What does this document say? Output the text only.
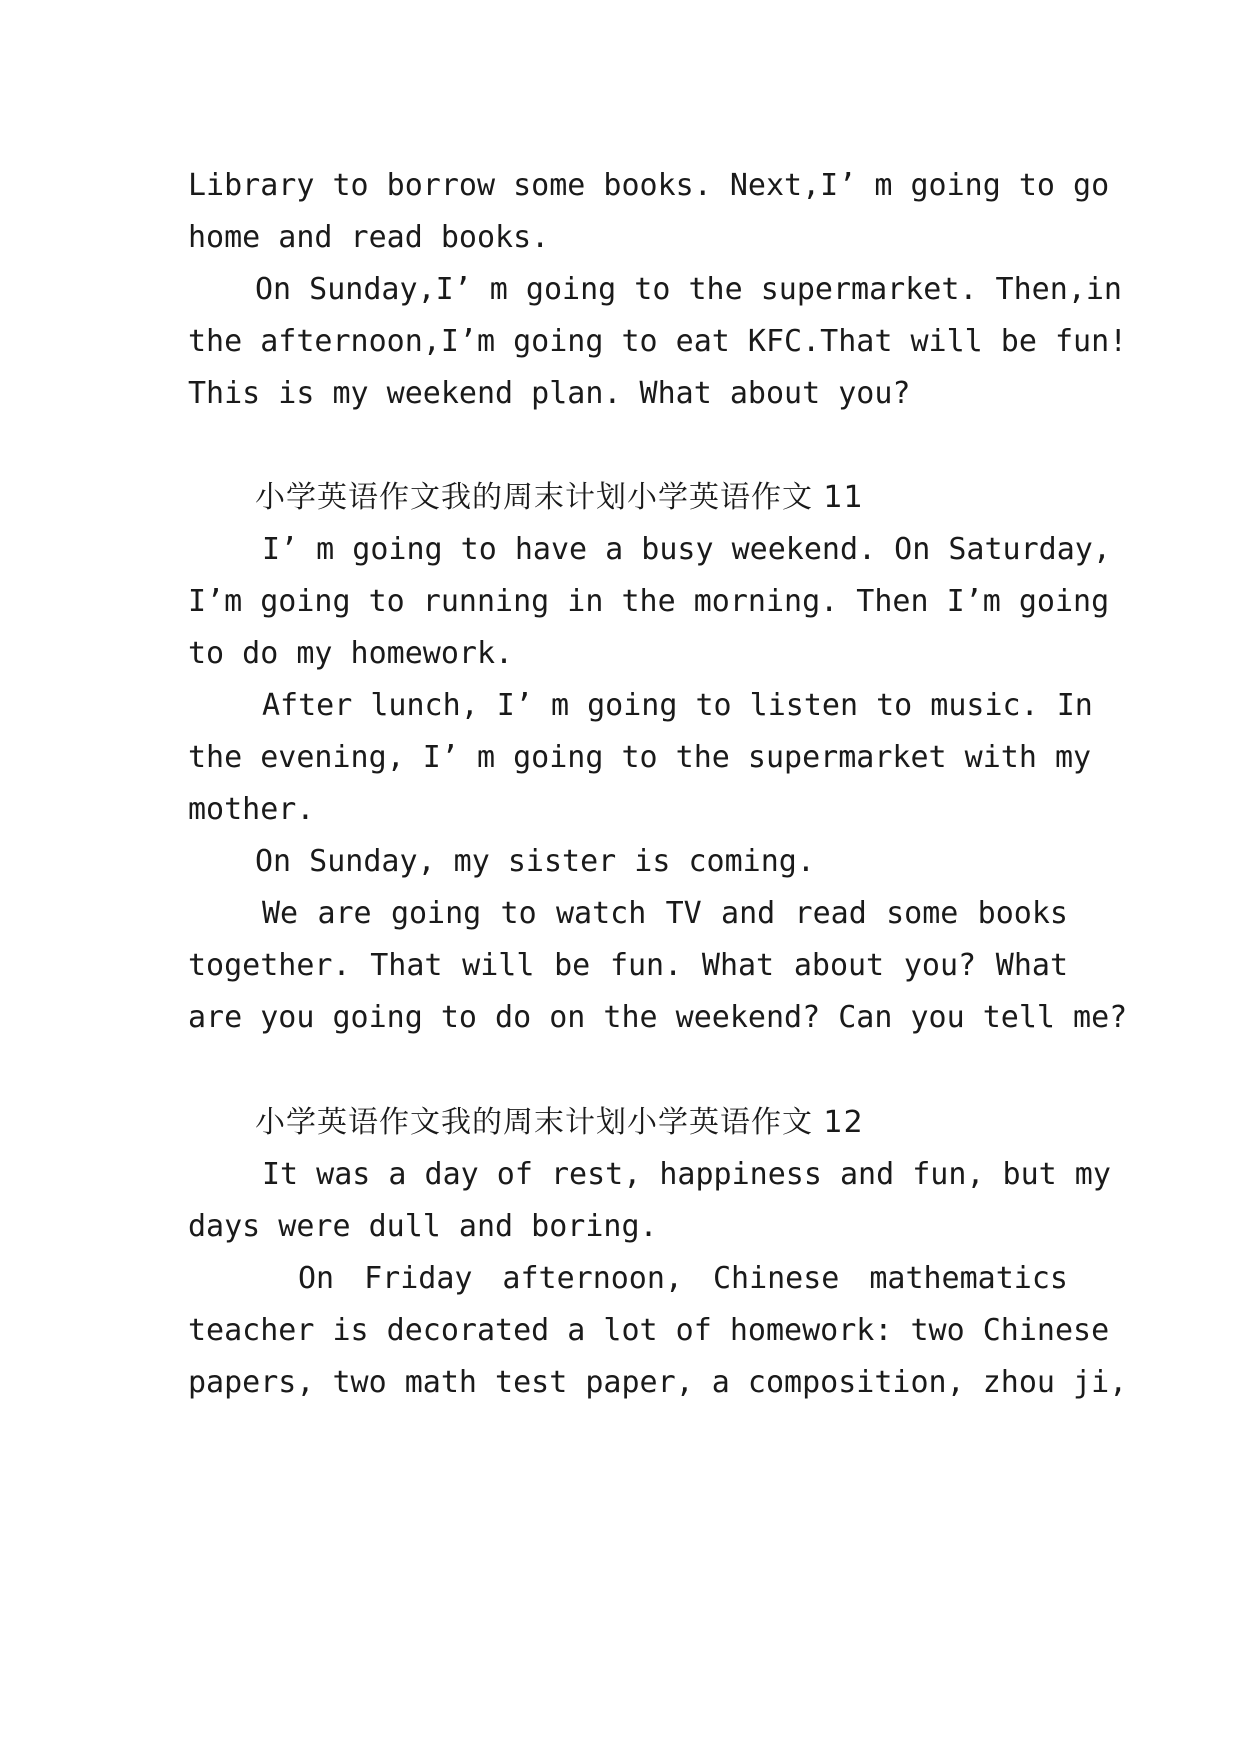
Library to borrow some books. Next,I’ m going to go
home and read books.
On Sunday,I’ m going to the supermarket. Then,in
the afternoon,I’m going to eat KFC.That will be fun!
This is my weekend plan. What about you?
小学英语作文我的周末计划小学英语作文 11
I’ m going to have a busy weekend. On Saturday,
I’m going to running in the morning. Then I’m going
to do my homework.
After lunch, I’ m going to listen to music. In
the evening, I’ m going to the supermarket with my
mother.
On Sunday, my sister is coming.
We are going to watch TV and read some books
together. That will be fun. What about you? What
are you going to do on the weekend? Can you tell me?
小学英语作文我的周末计划小学英语作文 12
It was a day of rest, happiness and fun, but my
days were dull and boring.
On Friday afternoon, Chinese mathematics
teacher is decorated a lot of homework: two Chinese
papers, two math test paper, a composition, zhou ji,
